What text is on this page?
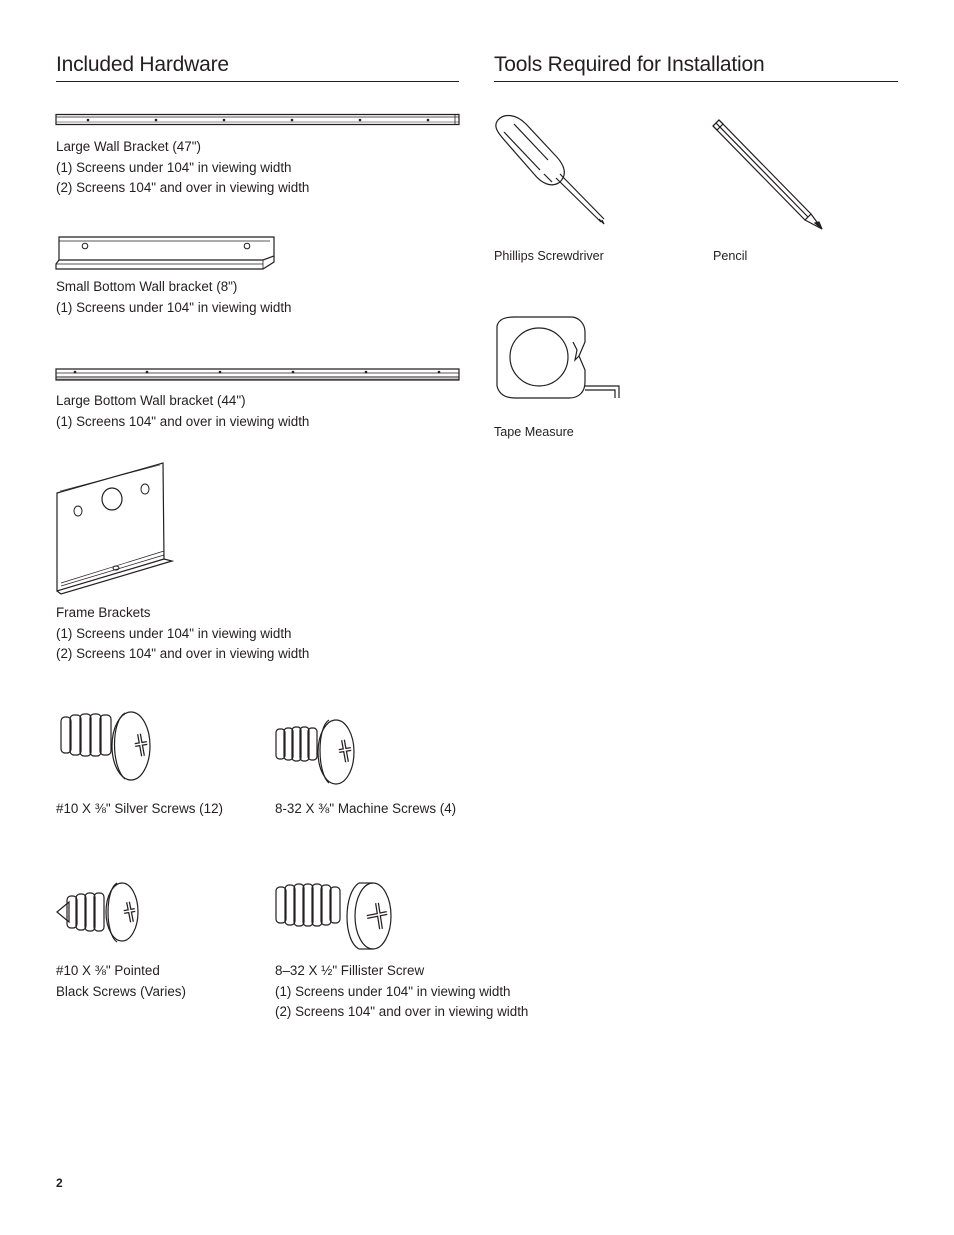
Included Hardware
Large Wall Bracket (47")
(1) Screens under 104" in viewing width
(2) Screens 104" and over in viewing width
Small Bottom Wall bracket (8")
(1) Screens under 104" in viewing width
Large Bottom Wall bracket (44")
(1) Screens 104" and over in viewing width
Frame Brackets
(1) Screens under 104" in viewing width
(2) Screens 104" and over in viewing width
#10 X ⅜" Silver Screws (12)	8-32 X ⅜" Machine Screws (4)
#10 X ⅜" Pointed
Black Screws (Varies)
8–32 X ½" Fillister Screw
(1) Screens under 104" in viewing width
(2) Screens 104" and over in viewing width
Tools Required for Installation
Phillips Screwdriver	Pencil
Tape Measure
2
